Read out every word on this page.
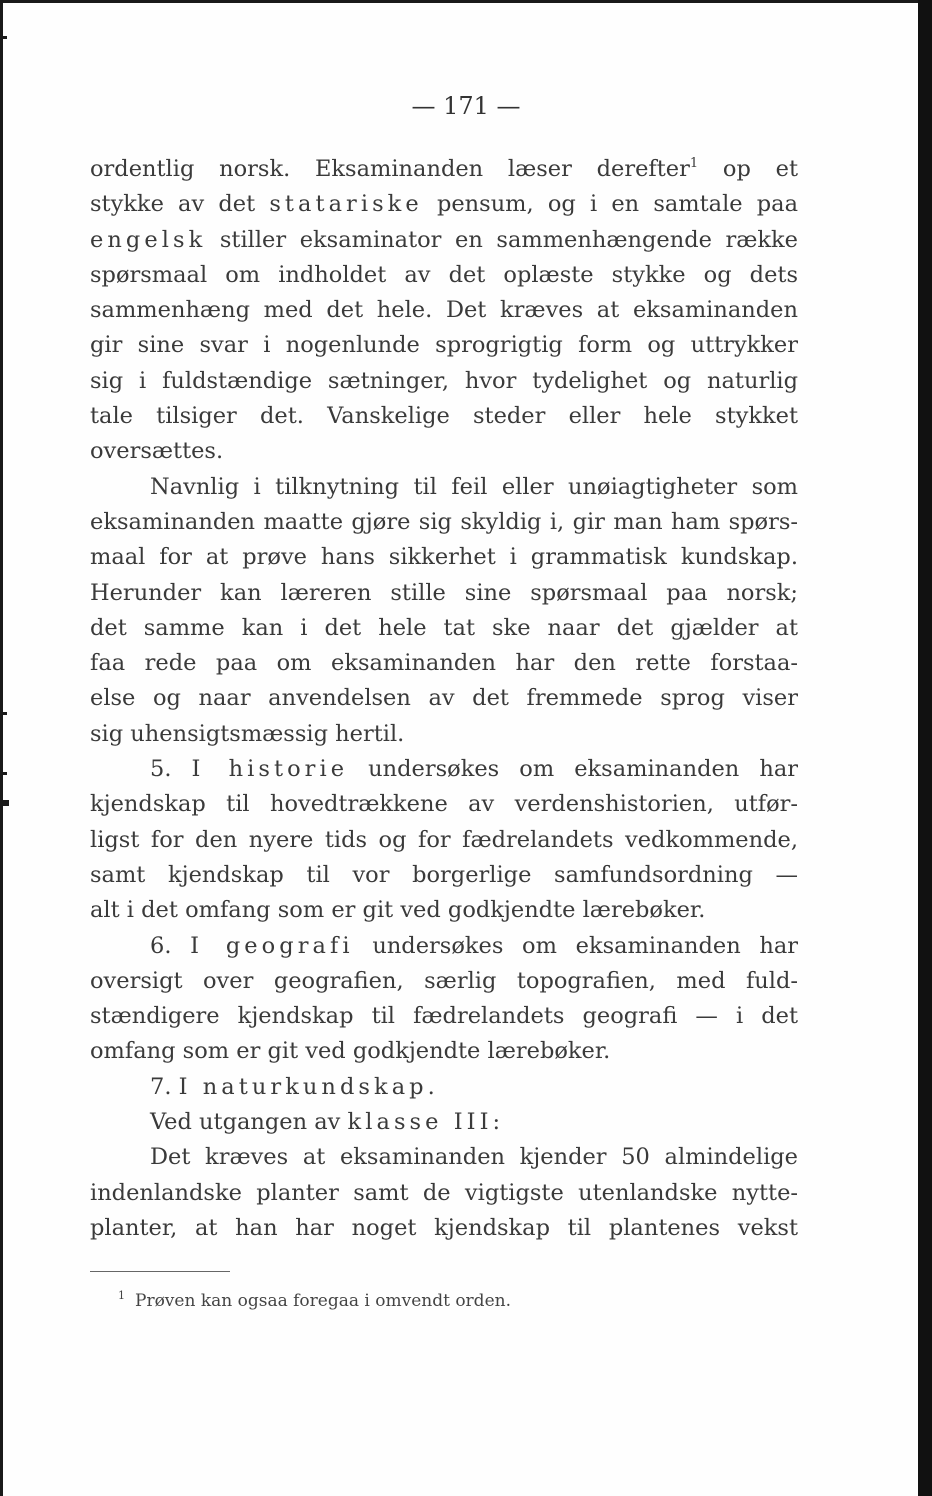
— 171 —
ordentlig norsk. Eksaminanden læser derefter$^1$ op et
stykke av det statariske pensum, og i en samtale paa
engelsk stiller eksaminator en sammenhængende række
spørsmaal om indholdet av det oplæste stykke og dets
sammenhæng med det hele. Det kræves at eksaminanden
gir sine svar i nogenlunde sprogrigtig form og uttrykker
sig i fuldstændige sætninger, hvor tydelighet og naturlig
tale tilsiger det. Vanskelige steder eller hele stykket
oversættes.
Navnlig i tilknytning til feil eller unøiagtigheter som
eksaminanden maatte gjøre sig skyldig i, gir man ham spørs-
maal for at prøve hans sikkerhet i grammatisk kundskap.
Herunder kan læreren stille sine spørsmaal paa norsk;
det samme kan i det hele tat ske naar det gjælder at
faa rede paa om eksaminanden har den rette forstaa-
else og naar anvendelsen av det fremmede sprog viser
sig uhensigtsmæssig hertil.
5. I historie undersøkes om eksaminanden har
kjendskap til hovedtrækkene av verdenshistorien, utfør-
ligst for den nyere tids og for fædrelandets vedkommende,
samt kjendskap til vor borgerlige samfundsordning —
alt i det omfang som er git ved godkjendte lærebøker.
6. I geografi undersøkes om eksaminanden har
oversigt over geografien, særlig topografien, med fuld-
stændigere kjendskap til fædrelandets geografi — i det
omfang som er git ved godkjendte lærebøker.
7. I naturkundskap.
Ved utgangen av klasse III:
Det kræves at eksaminanden kjender 50 almindelige
indenlandske planter samt de vigtigste utenlandske nytte-
planter, at han har noget kjendskap til plantenes vekst
$^1$ Prøven kan ogsaa foregaa i omvendt orden.
